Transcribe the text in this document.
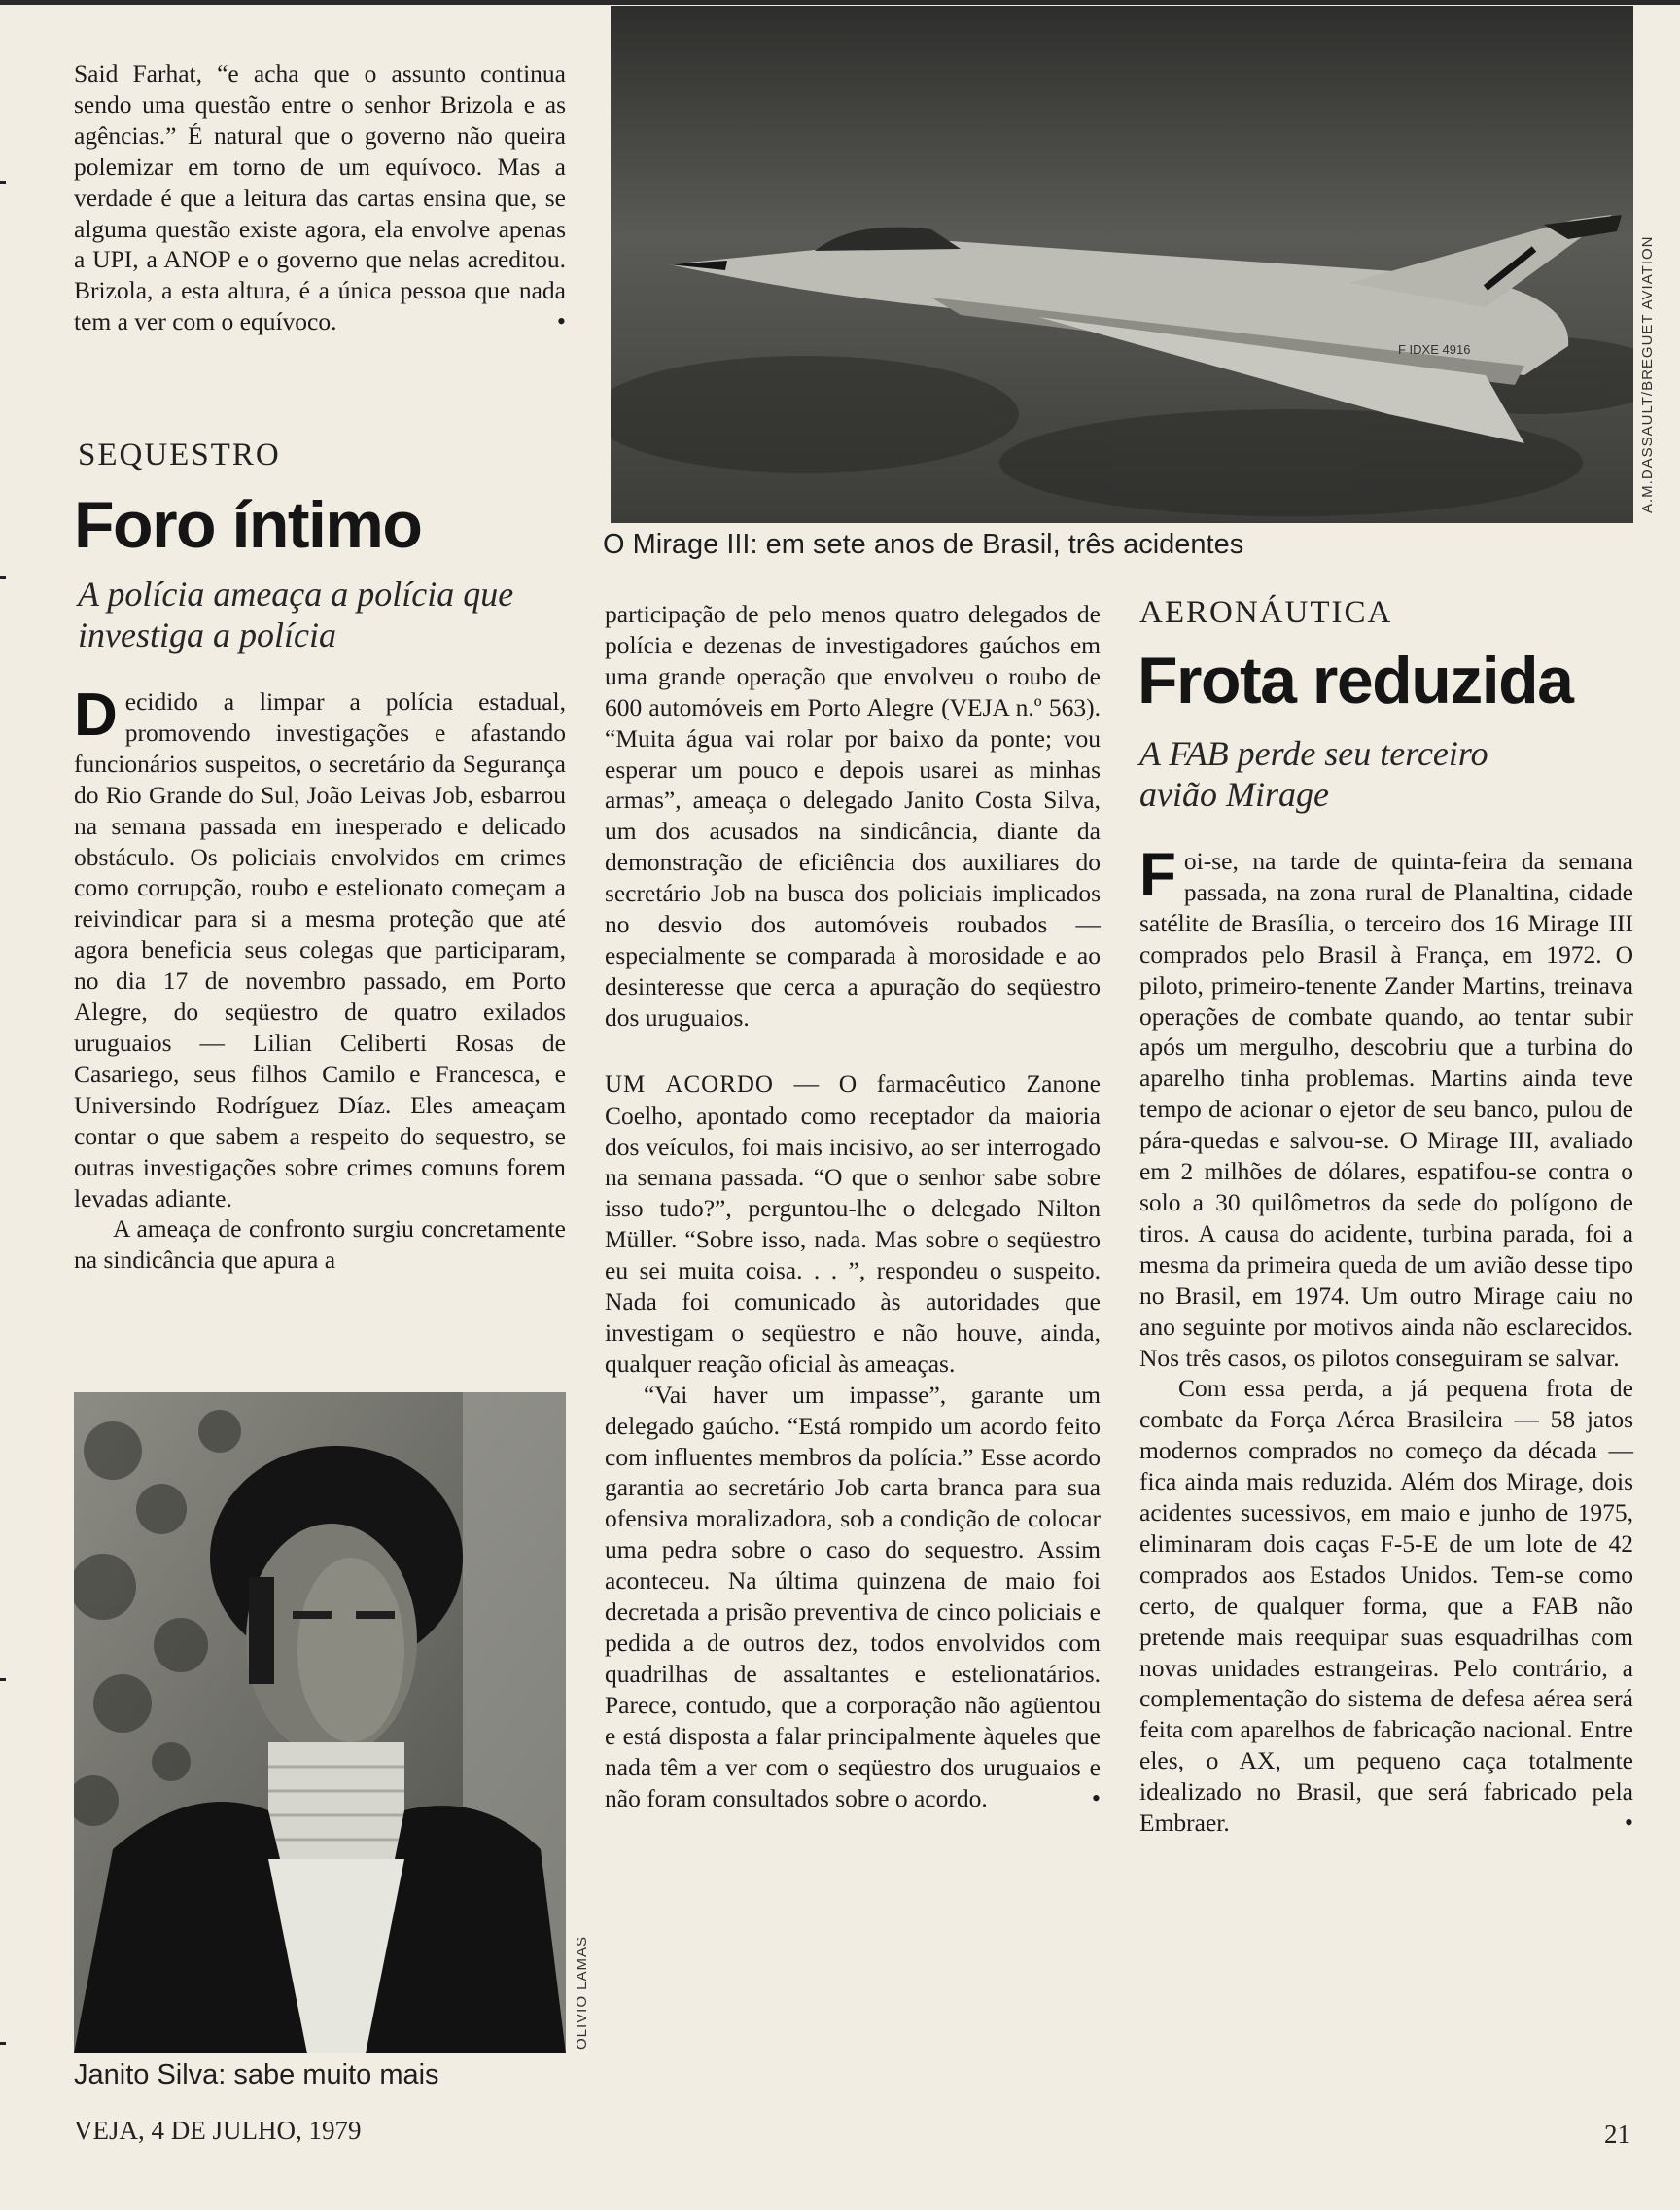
Said Farhat, “e acha que o assunto continua sendo uma questão entre o senhor Brizola e as agências.” É natural que o governo não queira polemizar em torno de um equívoco. Mas a verdade é que a leitura das cartas ensina que, se alguma questão existe agora, ela envolve apenas a UPI, a ANOP e o governo que nelas acreditou. Brizola, a esta altura, é a única pessoa que nada tem a ver com o equívoco.	•

SEQUESTRO
Foro íntimo
A polícia ameaça a polícia que investiga a polícia

Decidido a limpar a polícia estadual, promovendo investigações e afastando funcionários suspeitos, o secretário da Segurança do Rio Grande do Sul, João Leivas Job, esbarrou na semana passada em inesperado e delicado obstáculo. Os policiais envolvidos em crimes como corrupção, roubo e estelionato começam a reivindicar para si a mesma proteção que até agora beneficia seus colegas que participaram, no dia 17 de novembro passado, em Porto Alegre, do seqüestro de quatro exilados uruguaios — Lilian Celiberti Rosas de Casariego, seus filhos Camilo e Francesca, e Universindo Rodríguez Díaz. Eles ameaçam contar o que sabem a respeito do sequestro, se outras investigações sobre crimes comuns forem levadas adiante.

A ameaça de confronto surgiu concretamente na sindicância que apura a

OLIVIO LAMAS
Janito Silva: sabe muito mais
F IDXE 4916	A.M.DASSAULT/BREGUET AVIATION
O Mirage III: em sete anos de Brasil, três acidentes

participação de pelo menos quatro delegados de polícia e dezenas de investigadores gaúchos em uma grande operação que envolveu o roubo de 600 automóveis em Porto Alegre (VEJA n.º 563). “Muita água vai rolar por baixo da ponte; vou esperar um pouco e depois usarei as minhas armas”, ameaça o delegado Janito Costa Silva, um dos acusados na sindicância, diante da demonstração de eficiência dos auxiliares do secretário Job na busca dos policiais implicados no desvio dos automóveis roubados — especialmente se comparada à morosidade e ao desinteresse que cerca a apuração do seqüestro dos uruguaios.

UM ACORDO — O farmacêutico Zanone Coelho, apontado como receptador da maioria dos veículos, foi mais incisivo, ao ser interrogado na semana passada. “O que o senhor sabe sobre isso tudo?”, perguntou-lhe o delegado Nilton Müller. “Sobre isso, nada. Mas sobre o seqüestro eu sei muita coisa. . . ”, respondeu o suspeito. Nada foi comunicado às autoridades que investigam o seqüestro e não houve, ainda, qualquer reação oficial às ameaças.

“Vai haver um impasse”, garante um delegado gaúcho. “Está rompido um acordo feito com influentes membros da polícia.” Esse acordo garantia ao secretário Job carta branca para sua ofensiva moralizadora, sob a condição de colocar uma pedra sobre o caso do sequestro. Assim aconteceu. Na última quinzena de maio foi decretada a prisão preventiva de cinco policiais e pedida a de outros dez, todos envolvidos com quadrilhas de assaltantes e estelionatários. Parece, contudo, que a corporação não agüentou e está disposta a falar principalmente àqueles que nada têm a ver com o seqüestro dos uruguaios e não foram consultados sobre o acordo.	•

AERONÁUTICA
Frota reduzida
A FAB perde seu terceiro avião Mirage

Foi-se, na tarde de quinta-feira da semana passada, na zona rural de Planaltina, cidade satélite de Brasília, o terceiro dos 16 Mirage III comprados pelo Brasil à França, em 1972. O piloto, primeiro-tenente Zander Martins, treinava operações de combate quando, ao tentar subir após um mergulho, descobriu que a turbina do aparelho tinha problemas. Martins ainda teve tempo de acionar o ejetor de seu banco, pulou de pára-quedas e salvou-se. O Mirage III, avaliado em 2 milhões de dólares, espatifou-se contra o solo a 30 quilômetros da sede do polígono de tiros. A causa do acidente, turbina parada, foi a mesma da primeira queda de um avião desse tipo no Brasil, em 1974. Um outro Mirage caiu no ano seguinte por motivos ainda não esclarecidos. Nos três casos, os pilotos conseguiram se salvar.

Com essa perda, a já pequena frota de combate da Força Aérea Brasileira — 58 jatos modernos comprados no começo da década — fica ainda mais reduzida. Além dos Mirage, dois acidentes sucessivos, em maio e junho de 1975, eliminaram dois caças F-5-E de um lote de 42 comprados aos Estados Unidos. Tem-se como certo, de qualquer forma, que a FAB não pretende mais reequipar suas esquadrilhas com novas unidades estrangeiras. Pelo contrário, a complementação do sistema de defesa aérea será feita com aparelhos de fabricação nacional. Entre eles, o AX, um pequeno caça totalmente idealizado no Brasil, que será fabricado pela Embraer.	•

VEJA, 4 DE JULHO, 1979	21
